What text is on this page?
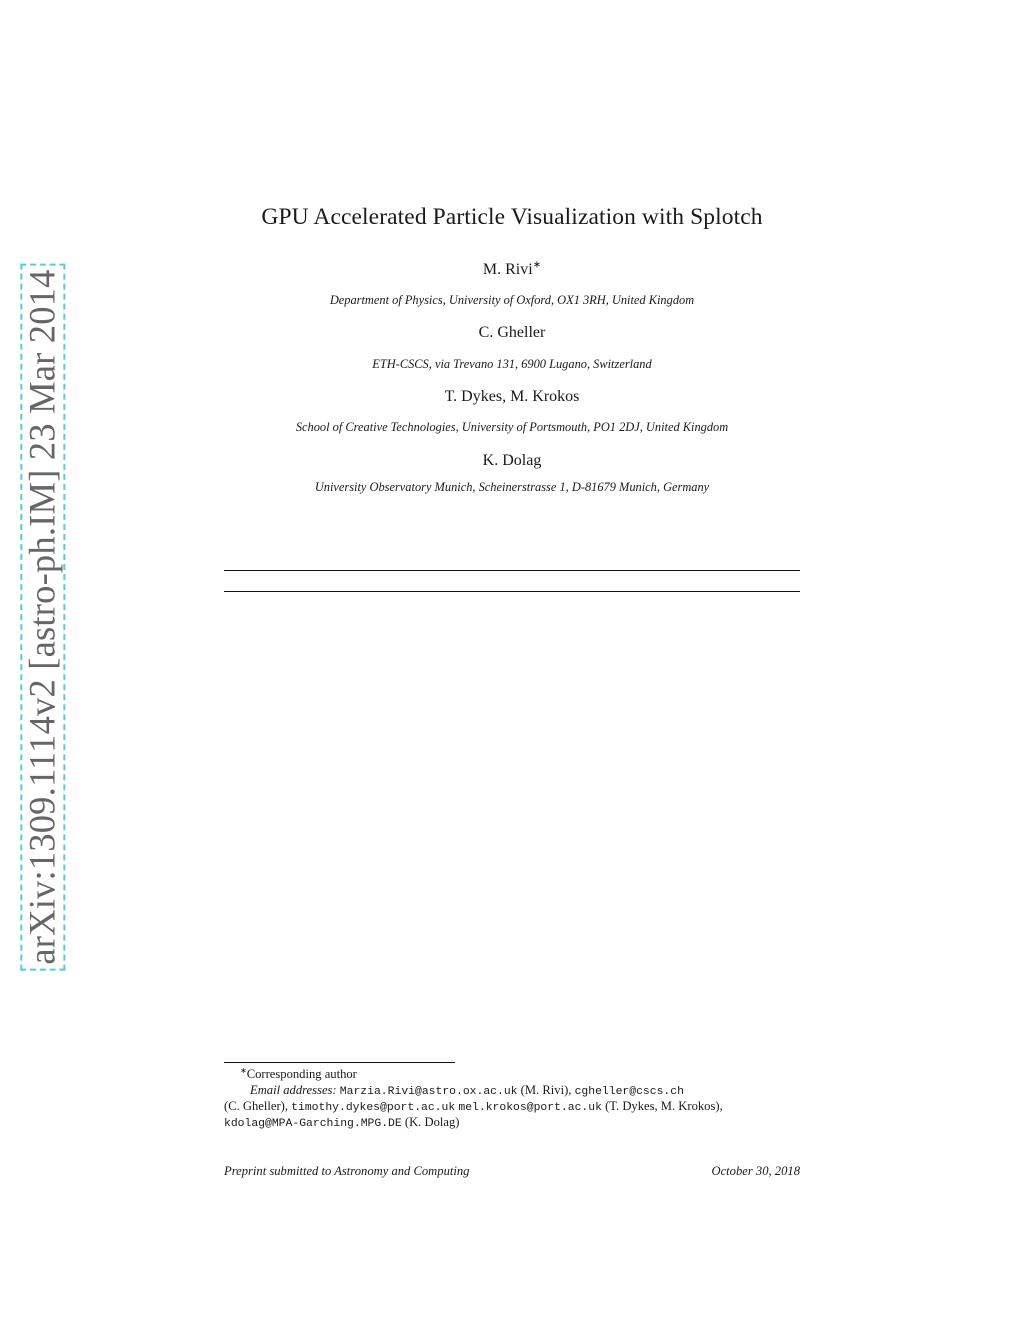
arXiv:1309.1114v2 [astro-ph.IM] 23 Mar 2014
GPU Accelerated Particle Visualization with Splotch
M. Rivi∗
Department of Physics, University of Oxford, OX1 3RH, United Kingdom
C. Gheller
ETH-CSCS, via Trevano 131, 6900 Lugano, Switzerland
T. Dykes, M. Krokos
School of Creative Technologies, University of Portsmouth, PO1 2DJ, United Kingdom
K. Dolag
University Observatory Munich, Scheinerstrasse 1, D-81679 Munich, Germany
∗Corresponding author
Email addresses: Marzia.Rivi@astro.ox.ac.uk (M. Rivi), cgheller@cscs.ch
(C. Gheller), timothy.dykes@port.ac.uk mel.krokos@port.ac.uk (T. Dykes, M. Krokos),
kdolag@MPA-Garching.MPG.DE (K. Dolag)
Preprint submitted to Astronomy and Computing	October 30, 2018
